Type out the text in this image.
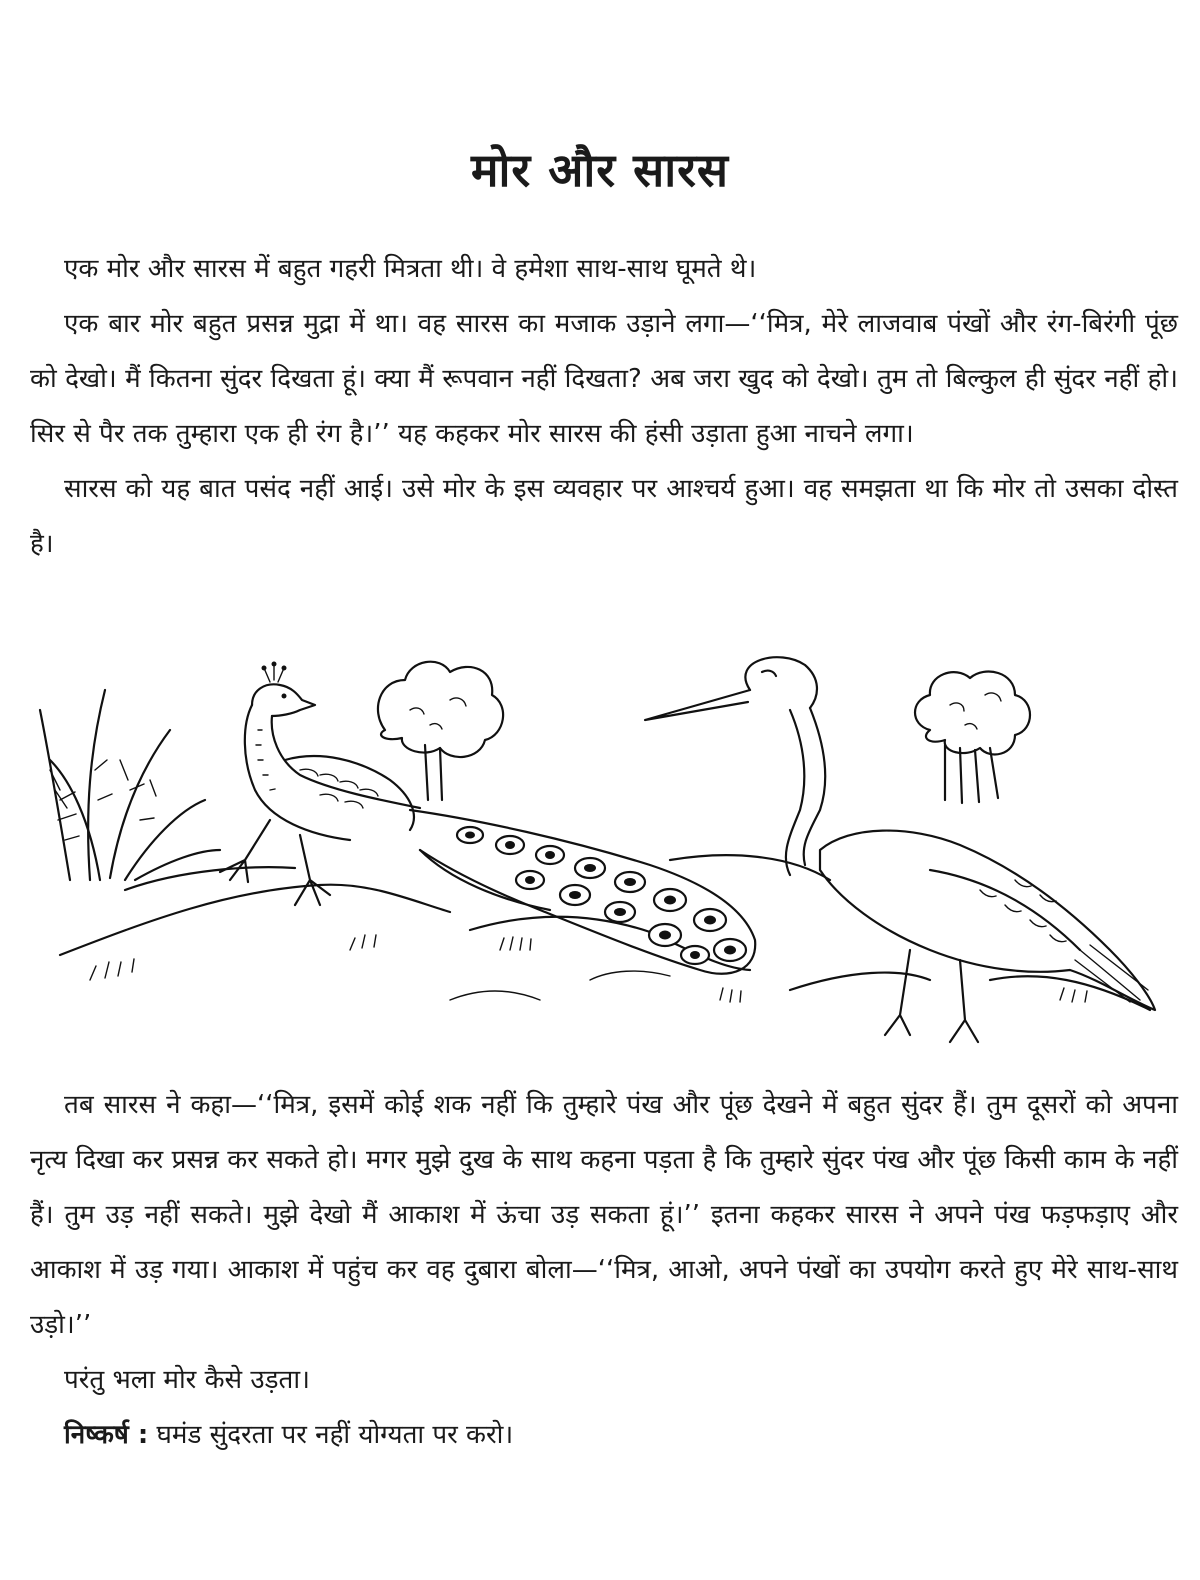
मोर और सारस

एक मोर और सारस में बहुत गहरी मित्रता थी। वे हमेशा साथ-साथ घूमते थे।

एक बार मोर बहुत प्रसन्न मुद्रा में था। वह सारस का मजाक उड़ाने लगा—‘‘मित्र, मेरे लाजवाब पंखों और रंग-बिरंगी पूंछ को देखो। मैं कितना सुंदर दिखता हूं। क्या मैं रूपवान नहीं दिखता? अब जरा खुद को देखो। तुम तो बिल्कुल ही सुंदर नहीं हो। सिर से पैर तक तुम्हारा एक ही रंग है।’’ यह कहकर मोर सारस की हंसी उड़ाता हुआ नाचने लगा।

सारस को यह बात पसंद नहीं आई। उसे मोर के इस व्यवहार पर आश्चर्य हुआ। वह समझता था कि मोर तो उसका दोस्त है।

तब सारस ने कहा—‘‘मित्र, इसमें कोई शक नहीं कि तुम्हारे पंख और पूंछ देखने में बहुत सुंदर हैं। तुम दूसरों को अपना नृत्य दिखा कर प्रसन्न कर सकते हो। मगर मुझे दुख के साथ कहना पड़ता है कि तुम्हारे सुंदर पंख और पूंछ किसी काम के नहीं हैं। तुम उड़ नहीं सकते। मुझे देखो मैं आकाश में ऊंचा उड़ सकता हूं।’’ इतना कहकर सारस ने अपने पंख फड़फड़ाए और आकाश में उड़ गया। आकाश में पहुंच कर वह दुबारा बोला—‘‘मित्र, आओ, अपने पंखों का उपयोग करते हुए मेरे साथ-साथ उड़ो।’’

परंतु भला मोर कैसे उड़ता।

निष्कर्ष : घमंड सुंदरता पर नहीं योग्यता पर करो।
